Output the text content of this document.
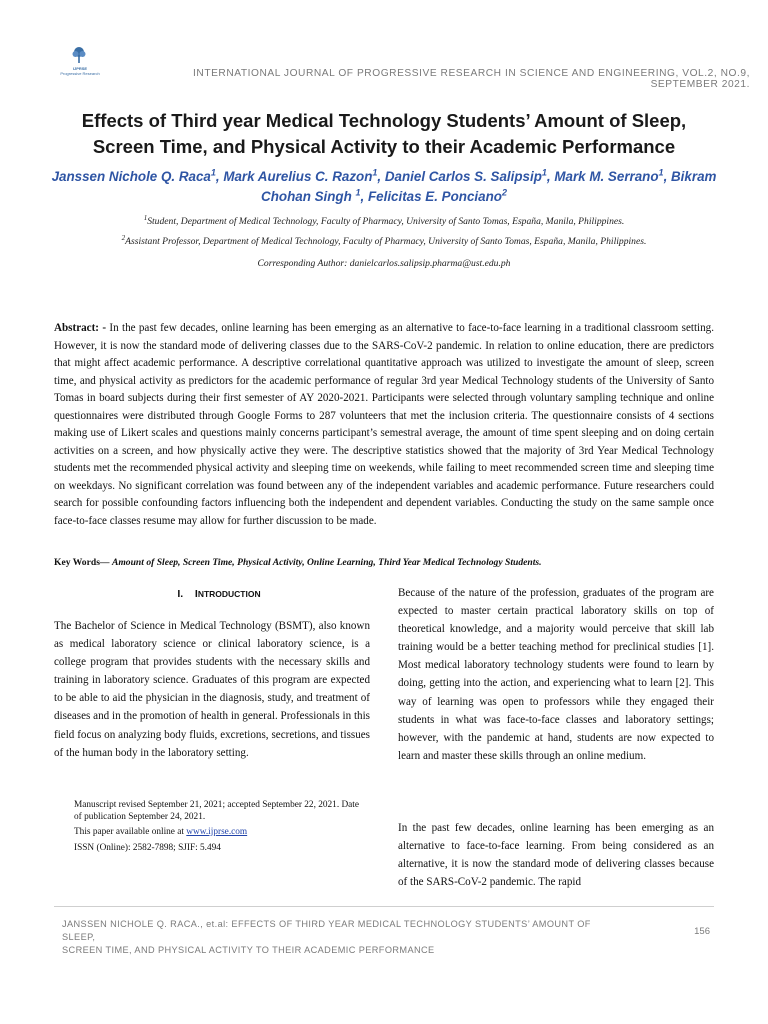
IJPRSE
Progressive Research	INTERNATIONAL JOURNAL OF PROGRESSIVE RESEARCH IN SCIENCE AND ENGINEERING, VOL.2, NO.9, SEPTEMBER 2021.
Effects of Third year Medical Technology Students’ Amount of Sleep,
Screen Time, and Physical Activity to their Academic Performance
Janssen Nichole Q. Raca$^1$, Mark Aurelius C. Razon$^1$, Daniel Carlos S. Salipsip$^1$, Mark M. Serrano$^1$, Bikram Chohan Singh $^1$, Felicitas E. Ponciano$^2$
$^1$Student, Department of Medical Technology, Faculty of Pharmacy, University of Santo Tomas, España, Manila, Philippines.
$^2$Assistant Professor, Department of Medical Technology, Faculty of Pharmacy, University of Santo Tomas, España, Manila, Philippines.
Corresponding Author: danielcarlos.salipsip.pharma@ust.edu.ph

Abstract: - In the past few decades, online learning has been emerging as an alternative to face-to-face learning in a traditional classroom setting. However, it is now the standard mode of delivering classes due to the SARS-CoV-2 pandemic. In relation to online education, there are predictors that might affect academic performance. A descriptive correlational quantitative approach was utilized to investigate the amount of sleep, screen time, and physical activity as predictors for the academic performance of regular 3rd year Medical Technology students of the University of Santo Tomas in board subjects during their first semester of AY 2020-2021. Participants were selected through voluntary sampling technique and online questionnaires were distributed through Google Forms to 287 volunteers that met the inclusion criteria. The questionnaire consists of 4 sections making use of Likert scales and questions mainly concerns participant’s semestral average, the amount of time spent sleeping and on doing certain activities on a screen, and how physically active they were. The descriptive statistics showed that the majority of 3rd Year Medical Technology students met the recommended physical activity and sleeping time on weekends, while failing to meet recommended screen time and sleeping time on weekdays. No significant correlation was found between any of the independent variables and academic performance. Future researchers could search for possible confounding factors influencing both the independent and dependent variables. Conducting the study on the same sample once face-to-face classes resume may allow for further discussion to be made.

Key Words— Amount of Sleep, Screen Time, Physical Activity, Online Learning, Third Year Medical Technology Students.
I. INTRODUCTION

The Bachelor of Science in Medical Technology (BSMT), also known as medical laboratory science or clinical laboratory science, is a college program that provides students with the necessary skills and training in laboratory science. Graduates of this program are expected to be able to aid the physician in the diagnosis, study, and treatment of diseases and in the promotion of health in general. Professionals in this field focus on analyzing body fluids, excretions, secretions, and tissues of the human body in the laboratory setting.

Manuscript revised September 21, 2021; accepted September 22, 2021. Date of publication September 24, 2021.

This paper available online at www.ijprse.com

ISSN (Online): 2582-7898; SJIF: 5.494

Because of the nature of the profession, graduates of the program are expected to master certain practical laboratory skills on top of theoretical knowledge, and a majority would perceive that skill lab training would be a better teaching method for preclinical studies [1]. Most medical laboratory technology students were found to learn by doing, getting into the action, and experiencing what to learn [2]. This way of learning was open to professors while they engaged their students in what was face-to-face classes and laboratory settings; however, with the pandemic at hand, students are now expected to learn and master these skills through an online medium.

In the past few decades, online learning has been emerging as an alternative to face-to-face learning. From being considered as an alternative, it is now the standard mode of delivering classes because of the SARS-CoV-2 pandemic. The rapid

JANSSEN NICHOLE Q. RACA., et.al: EFFECTS OF THIRD YEAR MEDICAL TECHNOLOGY STUDENTS’ AMOUNT OF SLEEP,
SCREEN TIME, AND PHYSICAL ACTIVITY TO THEIR ACADEMIC PERFORMANCE
156
